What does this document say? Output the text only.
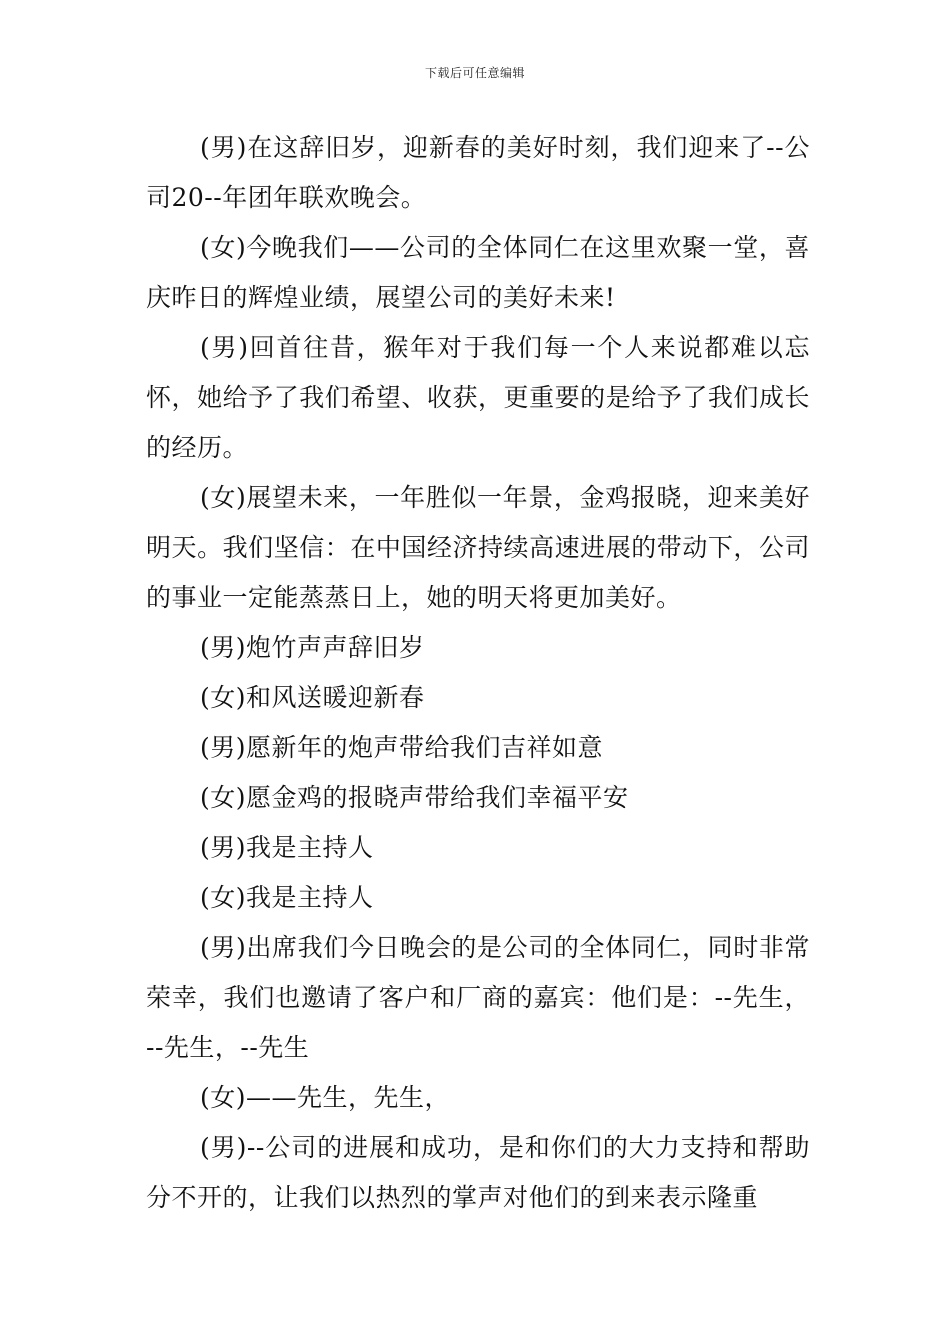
下载后可任意编辑

(男)在这辞旧岁，迎新春的美好时刻，我们迎来了--公司20--年团年联欢晚会。

(女)今晚我们——公司的全体同仁在这里欢聚一堂，喜庆昨日的辉煌业绩，展望公司的美好未来!

(男)回首往昔，猴年对于我们每一个人来说都难以忘怀，她给予了我们希望、收获，更重要的是给予了我们成长的经历。

(女)展望未来，一年胜似一年景，金鸡报晓，迎来美好明天。我们坚信：在中国经济持续高速进展的带动下，公司的事业一定能蒸蒸日上，她的明天将更加美好。

(男)炮竹声声辞旧岁

(女)和风送暖迎新春

(男)愿新年的炮声带给我们吉祥如意

(女)愿金鸡的报晓声带给我们幸福平安

(男)我是主持人

(女)我是主持人

(男)出席我们今日晚会的是公司的全体同仁，同时非常荣幸，我们也邀请了客户和厂商的嘉宾：他们是：--先生，--先生，--先生

(女)——先生，先生，

(男)--公司的进展和成功，是和你们的大力支持和帮助分不开的，让我们以热烈的掌声对他们的到来表示隆重
